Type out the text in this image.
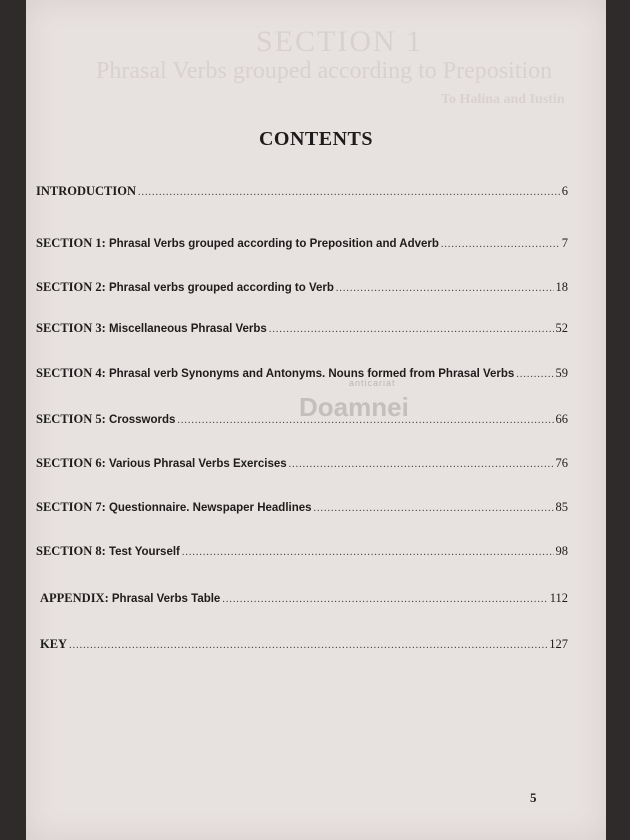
SECTION 1
Phrasal Verbs grouped according to Preposition
To Halina and Iustin
anticariat
Doamnei
CONTENTS
INTRODUCTION .....	6
SECTION 1: Phrasal Verbs grouped according to Preposition and Adverb .....	7
SECTION 2: Phrasal verbs grouped according to Verb .....	18
SECTION 3: Miscellaneous Phrasal Verbs .....	52
SECTION 4: Phrasal verb Synonyms and Antonyms. Nouns formed from Phrasal Verbs .....	59
SECTION 5: Crosswords .....	66
SECTION 6: Various Phrasal Verbs Exercises .....	76
SECTION 7: Questionnaire. Newspaper Headlines .....	85
SECTION 8: Test Yourself .....	98
APPENDIX: Phrasal Verbs Table .....	112
KEY .....	127
5
